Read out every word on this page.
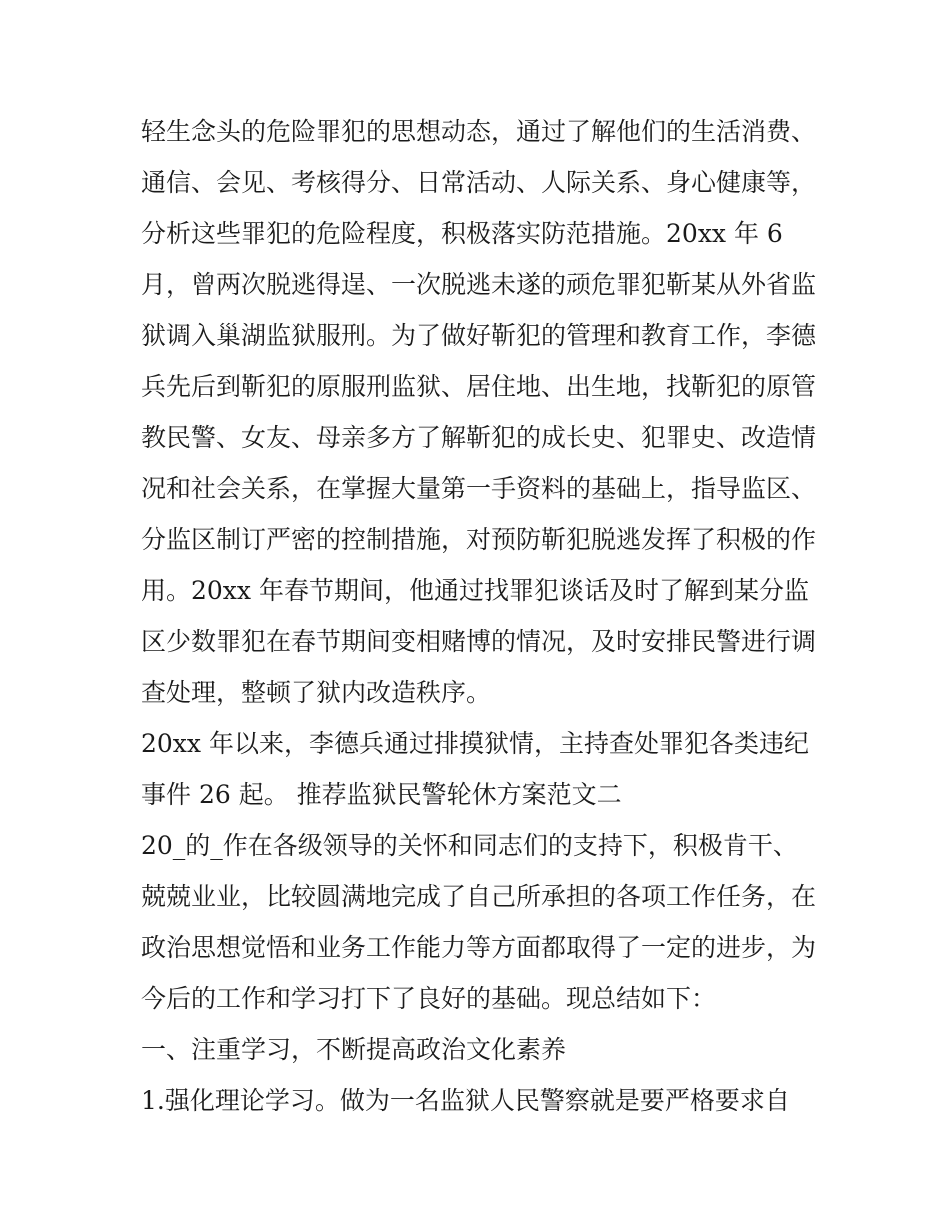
轻生念头的危险罪犯的思想动态，通过了解他们的生活消费、
通信、会见、考核得分、日常活动、人际关系、身心健康等，
分析这些罪犯的危险程度，积极落实防范措施。20xx 年 6
月，曾两次脱逃得逞、一次脱逃未遂的顽危罪犯靳某从外省监
狱调入巢湖监狱服刑。为了做好靳犯的管理和教育工作，李德
兵先后到靳犯的原服刑监狱、居住地、出生地，找靳犯的原管
教民警、女友、母亲多方了解靳犯的成长史、犯罪史、改造情
况和社会关系，在掌握大量第一手资料的基础上，指导监区、
分监区制订严密的控制措施，对预防靳犯脱逃发挥了积极的作
用。20xx 年春节期间，他通过找罪犯谈话及时了解到某分监
区少数罪犯在春节期间变相赌博的情况，及时安排民警进行调
查处理，整顿了狱内改造秩序。
20xx 年以来，李德兵通过排摸狱情，主持查处罪犯各类违纪
事件 26 起。 推荐监狱民警轮休方案范文二
20_的_作在各级领导的关怀和同志们的支持下，积极肯干、
兢兢业业，比较圆满地完成了自己所承担的各项工作任务，在
政治思想觉悟和业务工作能力等方面都取得了一定的进步，为
今后的工作和学习打下了良好的基础。现总结如下：
一、注重学习，不断提高政治文化素养
1.强化理论学习。做为一名监狱人民警察就是要严格要求自
